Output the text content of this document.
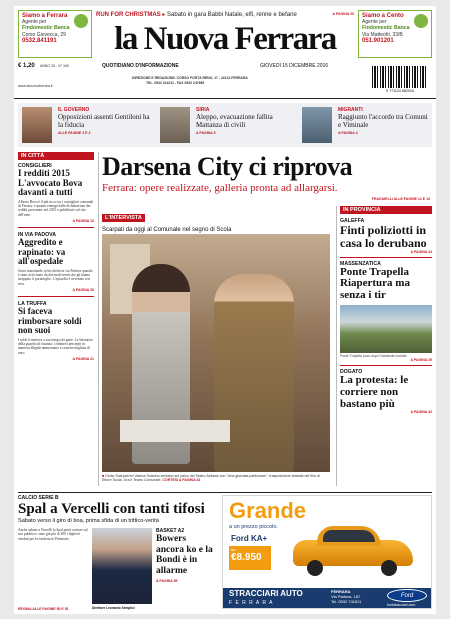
Siamo a Ferrara
Agente per
Findomestic Banca
Corso Giovecca, 29
0532.841191
Siamo a Cento
Agente per
Findomestic Banca
Via Matteotti, 33/B
051.901201
RUN FOR CHRISTMAS ▸ Sabato in gara Babbi Natale, elfi, renne e befane	A PAGINA 20
la Nuova Ferrara
€ 1,20 ANNO 26 - N° 345
www.lanuovaferrara.it
QUOTIDIANO D'INFORMAZIONE	GIOVEDÌ 15 DICEMBRE 2016
DIREZIONE E REDAZIONE: CORSO PORTA RENO, 17 - 44121 FERRARA
TEL. 0532 214211 - FAX 0532 247689
9 771124 882016
IL GOVERNO
Opposizioni assenti Gentiloni ha la fiducia
ALLE PAGINE 2 E 3
SIRIA
Aleppo, evacuazione fallita Mattanza di civili
A PAGINA 5
MIGRANTI
Raggiunto l'accordo tra Comuni e Viminale
A PAGINA 4
IN CITTÀ
CONSIGLIERI
I redditi 2015 L'avvocato Bova davanti a tutti
Alberto Bova è il più ricco tra i consiglieri comunali di Ferrara: è quanto emerge dalle dichiarazioni dei redditi presentate nel 2015 e pubblicate sul sito dell'ente.
A PAGINA 13
IN VIA PADOVA
Aggredito e rapinato: va all'ospedale
Stava transitando in bicicletta in via Padova quando è stato avvicinato da due malviventi che gli hanno strappato il portafoglio. L'episodio è avvenuto ieri sera.
A PAGINA 20
LA TRUFFA
Si faceva rimborsare soldi non suoi
I soldi li metteva a suo tempo da parte. Le Iniziative della guardia di finanza: i rimborsi percepiti in maniera illegale ammontano a svariate migliaia di euro.
A PAGINA 21
Darsena City ci riprova
Ferrara: opere realizzate, galleria pronta ad allargarsi.
FRAGUIELLI ALLE PAGINE 12 E 13
L'INTERVISTA
Scarpati da oggi al Comunale nel segno di Scola
■ Giulio Scarpati ed Valeria Solarino arrivano sul palco del Teatro Abbado con "Una giornata particolare", trasposizione teatrale del film di Ettore Scola. Ora il Teatro Comunale. CORTESI A PAGINA 43
IN PROVINCIA
GALEFFA
Finti poliziotti in casa lo derubano
A PAGINA 24
MASSENZATICA
Ponte Trapella Riapertura ma senza i tir
Ponte Trapella poco dopo l'incidente mortale
A PAGINA 25
DOGATO
La protesta: le corriere non bastano più
A PAGINA 32
CALCIO SERIE B
Spal a Vercelli con tanti tifosi
Sabato verso il giro di boa, prima sfida di un trittico-verità
Anche sabato a Vercelli la Spal potrà contare sul suo pubblico: sono già più di 300 i biglietti venduti per la trasferta in Piemonte.
Direttore Leonardo Semplici
REGINA ALLE PAGINE 50 E 51
BASKET A2
Bowers ancora ko e la Bondi è in allarme
A PAGINA 55
Grande
a un prezzo piccolo.
Ford KA+
da
€8.950
STRACCIARI AUTO
F E R R A R A
FERRARA
Via Padova, 187
Tel. 0532 741611
Ford
fordstracciari.com
